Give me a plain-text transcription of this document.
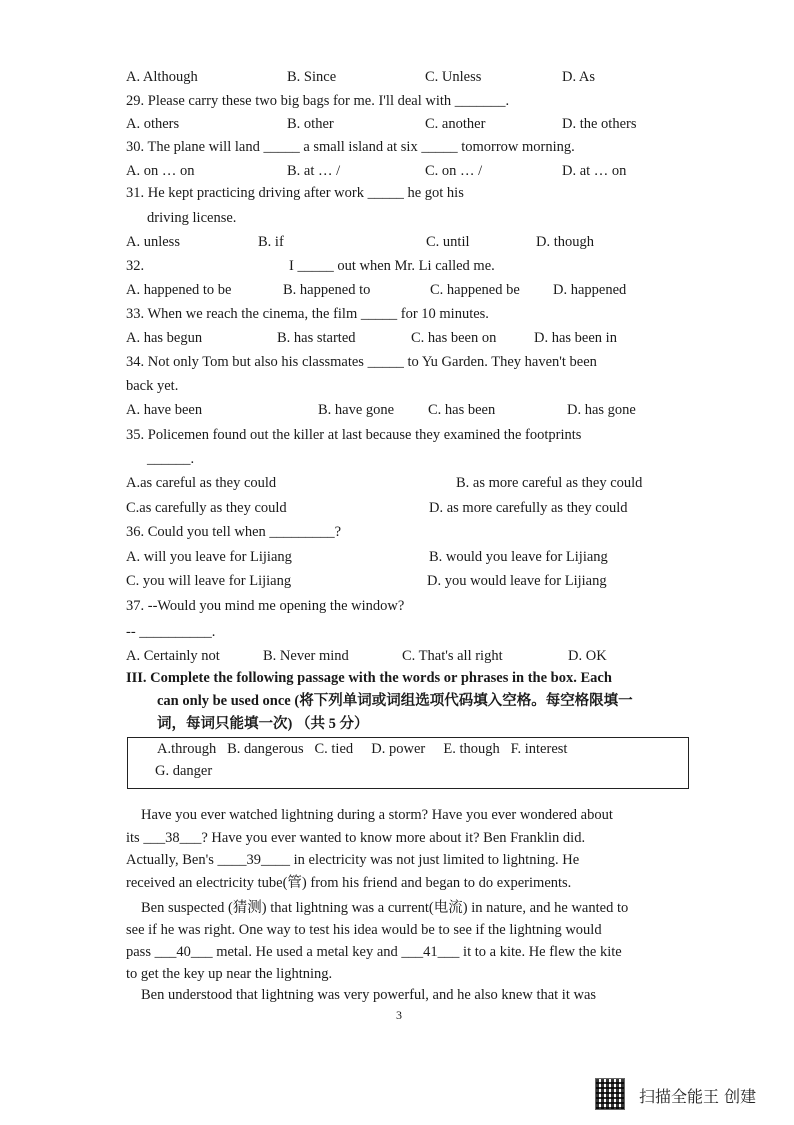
A. Although	B. Since	C. Unless	D. As
29. Please carry these two big bags for me. I'll deal with _______.
A. others	B. other	C. another	D. the others
30. The plane will land _____ a small island at six _____ tomorrow morning.
A. on … on	B. at … /	C. on … /	D. at … on
31. He kept practicing driving after work _____ he got his
driving license.
A. unless	B. if	C. until	D. though
32.	I _____ out when Mr. Li called me.
A. happened to be	B. happened to	C. happened be D. happened
33. When we reach the cinema, the film _____ for 10 minutes.
A. has begun	B. has started	C. has been on	D. has been in
34. Not only Tom but also his classmates _____ to Yu Garden. They haven't been
back yet.
A. have been	B. have gone C. has been	D. has gone
35. Policemen found out the killer at last because they examined the footprints
______.
A.as careful as they could	B. as more careful as they could
C.as carefully as they could	D. as more carefully as they could
36. Could you tell when _________?
A. will you leave for Lijiang	B. would you leave for Lijiang
C. you will leave for Lijiang	D. you would leave for Lijiang
37. --Would you mind me opening the window?
-- __________.
A. Certainly not	B. Never mind	C. That's all right	D. OK
III. Complete the following passage with the words or phrases in the box. Each
can only be used once (将下列单词或词组选项代码填入空格。每空格限填一
词，每词只能填一次) （共 5 分）
A.through   B. dangerous   C. tied     D. power     E. though   F. interest
G. danger
Have you ever watched lightning during a storm? Have you ever wondered about
its ___38___? Have you ever wanted to know more about it? Ben Franklin did.
Actually, Ben's ____39____ in electricity was not just limited to lightning. He
received an electricity tube(管) from his friend and began to do experiments.
Ben suspected (猜测) that lightning was a current(电流) in nature, and he wanted to
see if he was right. One way to test his idea would be to see if the lightning would
pass ___40___ metal. He used a metal key and ___41___ it to a kite. He flew the kite
to get the key up near the lightning.
Ben understood that lightning was very powerful, and he also knew that it was
3
扫描全能王 创建
